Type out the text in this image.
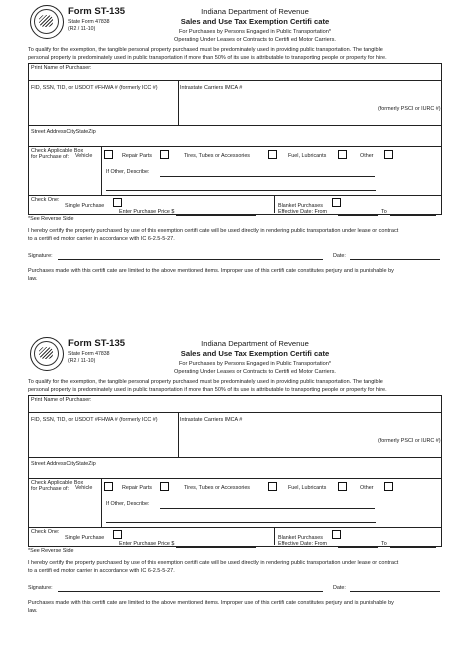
Form ST-135
State Form 47838
(R2 / 11-10)
Indiana Department of Revenue
Sales and Use Tax Exemption Certifi cate
For Purchases by Persons Engaged in Public Transportation*
Operating Under Leases or Contracts to Certifi ed Motor Carriers.
To qualify for the exemption, the tangible personal property purchased must be predominately used in providing public transportation. The tangible
personal property is predominately used in public transportation if more than 50% of its use is attributable to transporting people or property for hire.
Print Name of Purchaser:
FID, SSN, TID, or USDOT #FHWA # (formerly ICC #)	Intrastate Carriers IMCA #
(formerly PSCI or IURC #)
Street AddressCityStateZip
Check Applicable Box
for Purchase of: Vehicle	Repair Parts	Tires, Tubes or Accessories	Fuel, Lubricants	Other
If Other, Describe:
Check One:
Single Purchase
Enter Purchase Price $
Blanket Purchases
Effective Date: From	To
*See Reverse Side
I hereby certify the property purchased by use of this exemption certifi cate will be used directly in rendering public transportation under lease or contract
to a certifi ed motor carrier in accordance with IC 6-2.5-5-27.
Signature:	Date:
Purchases made with this certifi cate are limited to the above mentioned items. Improper use of this certifi cate constitutes perjury and is punishable by
law.
Form ST-135
State Form 47838
(R2 / 11-10)
Indiana Department of Revenue
Sales and Use Tax Exemption Certifi cate
For Purchases by Persons Engaged in Public Transportation*
Operating Under Leases or Contracts to Certifi ed Motor Carriers.
To qualify for the exemption, the tangible personal property purchased must be predominately used in providing public transportation. The tangible
personal property is predominately used in public transportation if more than 50% of its use is attributable to transporting people or property for hire.
Print Name of Purchaser:
FID, SSN, TID, or USDOT #FHWA # (formerly ICC #)	Intrastate Carriers IMCA #
(formerly PSCI or IURC #)
Street AddressCityStateZip
Check Applicable Box
for Purchase of: Vehicle	Repair Parts	Tires, Tubes or Accessories	Fuel, Lubricants	Other
If Other, Describe:
Check One:
Single Purchase
Enter Purchase Price $
Blanket Purchases
Effective Date: From	To
*See Reverse Side
I hereby certify the property purchased by use of this exemption certifi cate will be used directly in rendering public transportation under lease or contract
to a certifi ed motor carrier in accordance with IC 6-2.5-5-27.
Signature:	Date:
Purchases made with this certifi cate are limited to the above mentioned items. Improper use of this certifi cate constitutes perjury and is punishable by
law.
